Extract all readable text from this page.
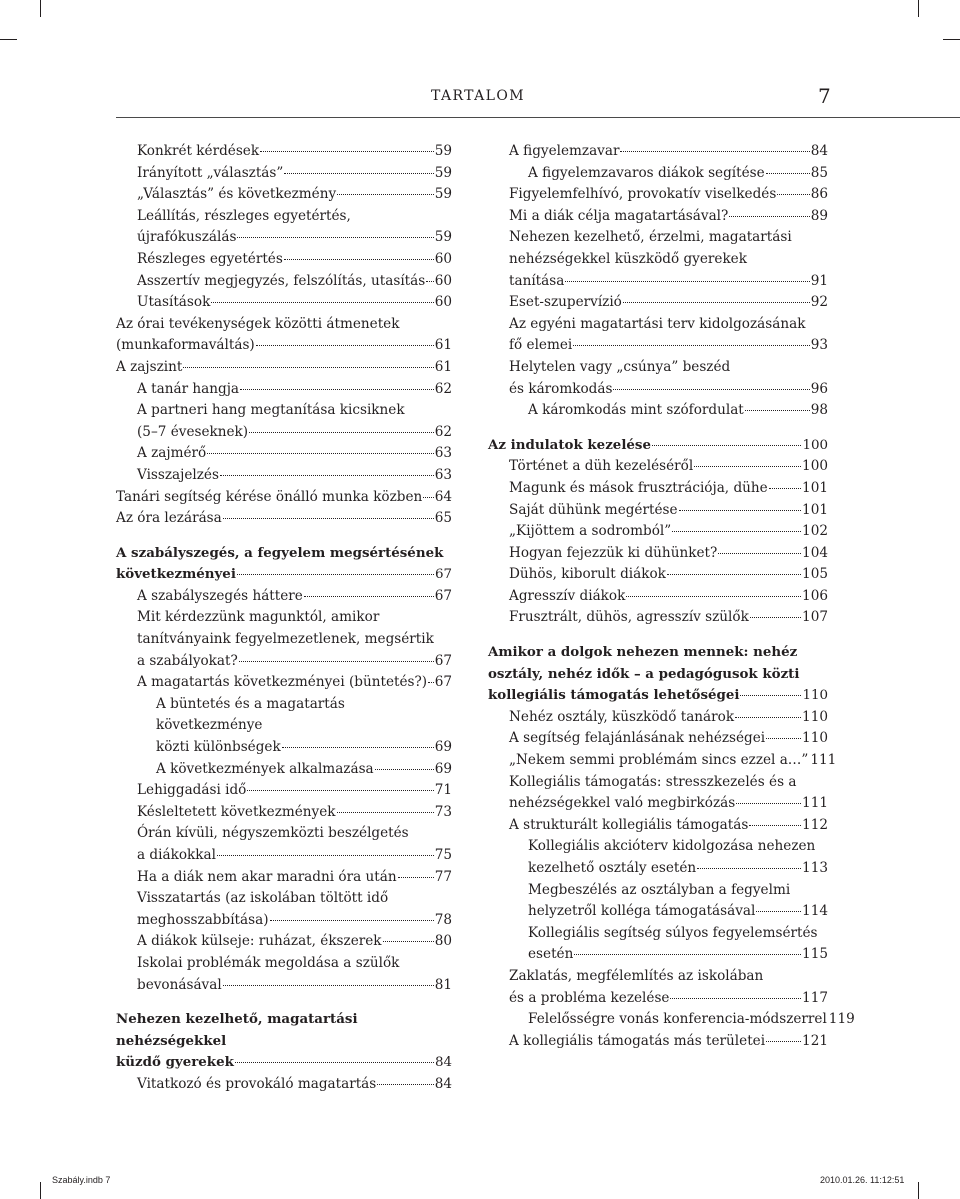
TARTALOM	7
Konkrét kérdések	59
Irányított „választás”	59
„Választás” és következmény	59
Leállítás, részleges egyetértés,
újrafókuszálás	59
Részleges egyetértés	60
Asszertív megjegyzés, felszólítás, utasítás 60
Utasítások	60
Az órai tevékenységek közötti átmenetek
(munkaformaváltás)	61
A zajszint	61
A tanár hangja	62
A partneri hang megtanítása kicsiknek
(5–7 éveseknek)	62
A zajmérő	63
Visszajelzés	63
Tanári segítség kérése önálló munka közben 64
Az óra lezárása	65
A szabályszegés, a fegyelem megsértésének
következményei	67
A szabályszegés háttere	67
Mit kérdezzünk magunktól, amikor
tanítványaink fegyelmezetlenek, megsértik
a szabályokat?	67
A magatartás következményei (büntetés?) 67
A büntetés és a magatartás következménye
közti különbségek	69
A következmények alkalmazása	69
Lehiggadási idő	71
Késleltetett következmények	73
Órán kívüli, négyszemközti beszélgetés
a diákokkal	75
Ha a diák nem akar maradni óra után	77
Visszatartás (az iskolában töltött idő
meghosszabbítása)	78
A diákok külseje: ruházat, ékszerek	80
Iskolai problémák megoldása a szülők
bevonásával	81
Nehezen kezelhető, magatartási nehézségekkel
küzdő gyerekek	84
Vitatkozó és provokáló magatartás	84
A figyelemzavar	84
A figyelemzavaros diákok segítése	85
Figyelemfelhívó, provokatív viselkedés	86
Mi a diák célja magatartásával?	89
Nehezen kezelhető, érzelmi, magatartási
nehézségekkel küszködő gyerekek
tanítása	91
Eset-szupervízió	92
Az egyéni magatartási terv kidolgozásának
fő elemei	93
Helytelen vagy „csúnya” beszéd
és káromkodás	96
A káromkodás mint szófordulat	98
Az indulatok kezelése	100
Történet a düh kezeléséről	100
Magunk és mások frusztrációja, dühe	101
Saját dühünk megértése	101
„Kijöttem a sodromból”	102
Hogyan fejezzük ki dühünket?	104
Dühös, kiborult diákok	105
Agresszív diákok	106
Frusztrált, dühös, agresszív szülők	107
Amikor a dolgok nehezen mennek: nehéz
osztály, nehéz idők – a pedagógusok közti
kollegiális támogatás lehetőségei	110
Nehéz osztály, küszködő tanárok	110
A segítség felajánlásának nehézségei	110
„Nekem semmi problémám sincs ezzel a…” 111
Kollegiális támogatás: stresszkezelés és a
nehézségekkel való megbirkózás	111
A strukturált kollegiális támogatás	112
Kollegiális akcióterv kidolgozása nehezen
kezelhető osztály esetén	113
Megbeszélés az osztályban a fegyelmi
helyzetről kolléga támogatásával	114
Kollegiális segítség súlyos fegyelemsértés
esetén	115
Zaklatás, megfélemlítés az iskolában
és a probléma kezelése	117
Felelősségre vonás konferencia-módszerrel 119
A kollegiális támogatás más területei	121
Szabály.indb 7	2010.01.26. 11:12:51
